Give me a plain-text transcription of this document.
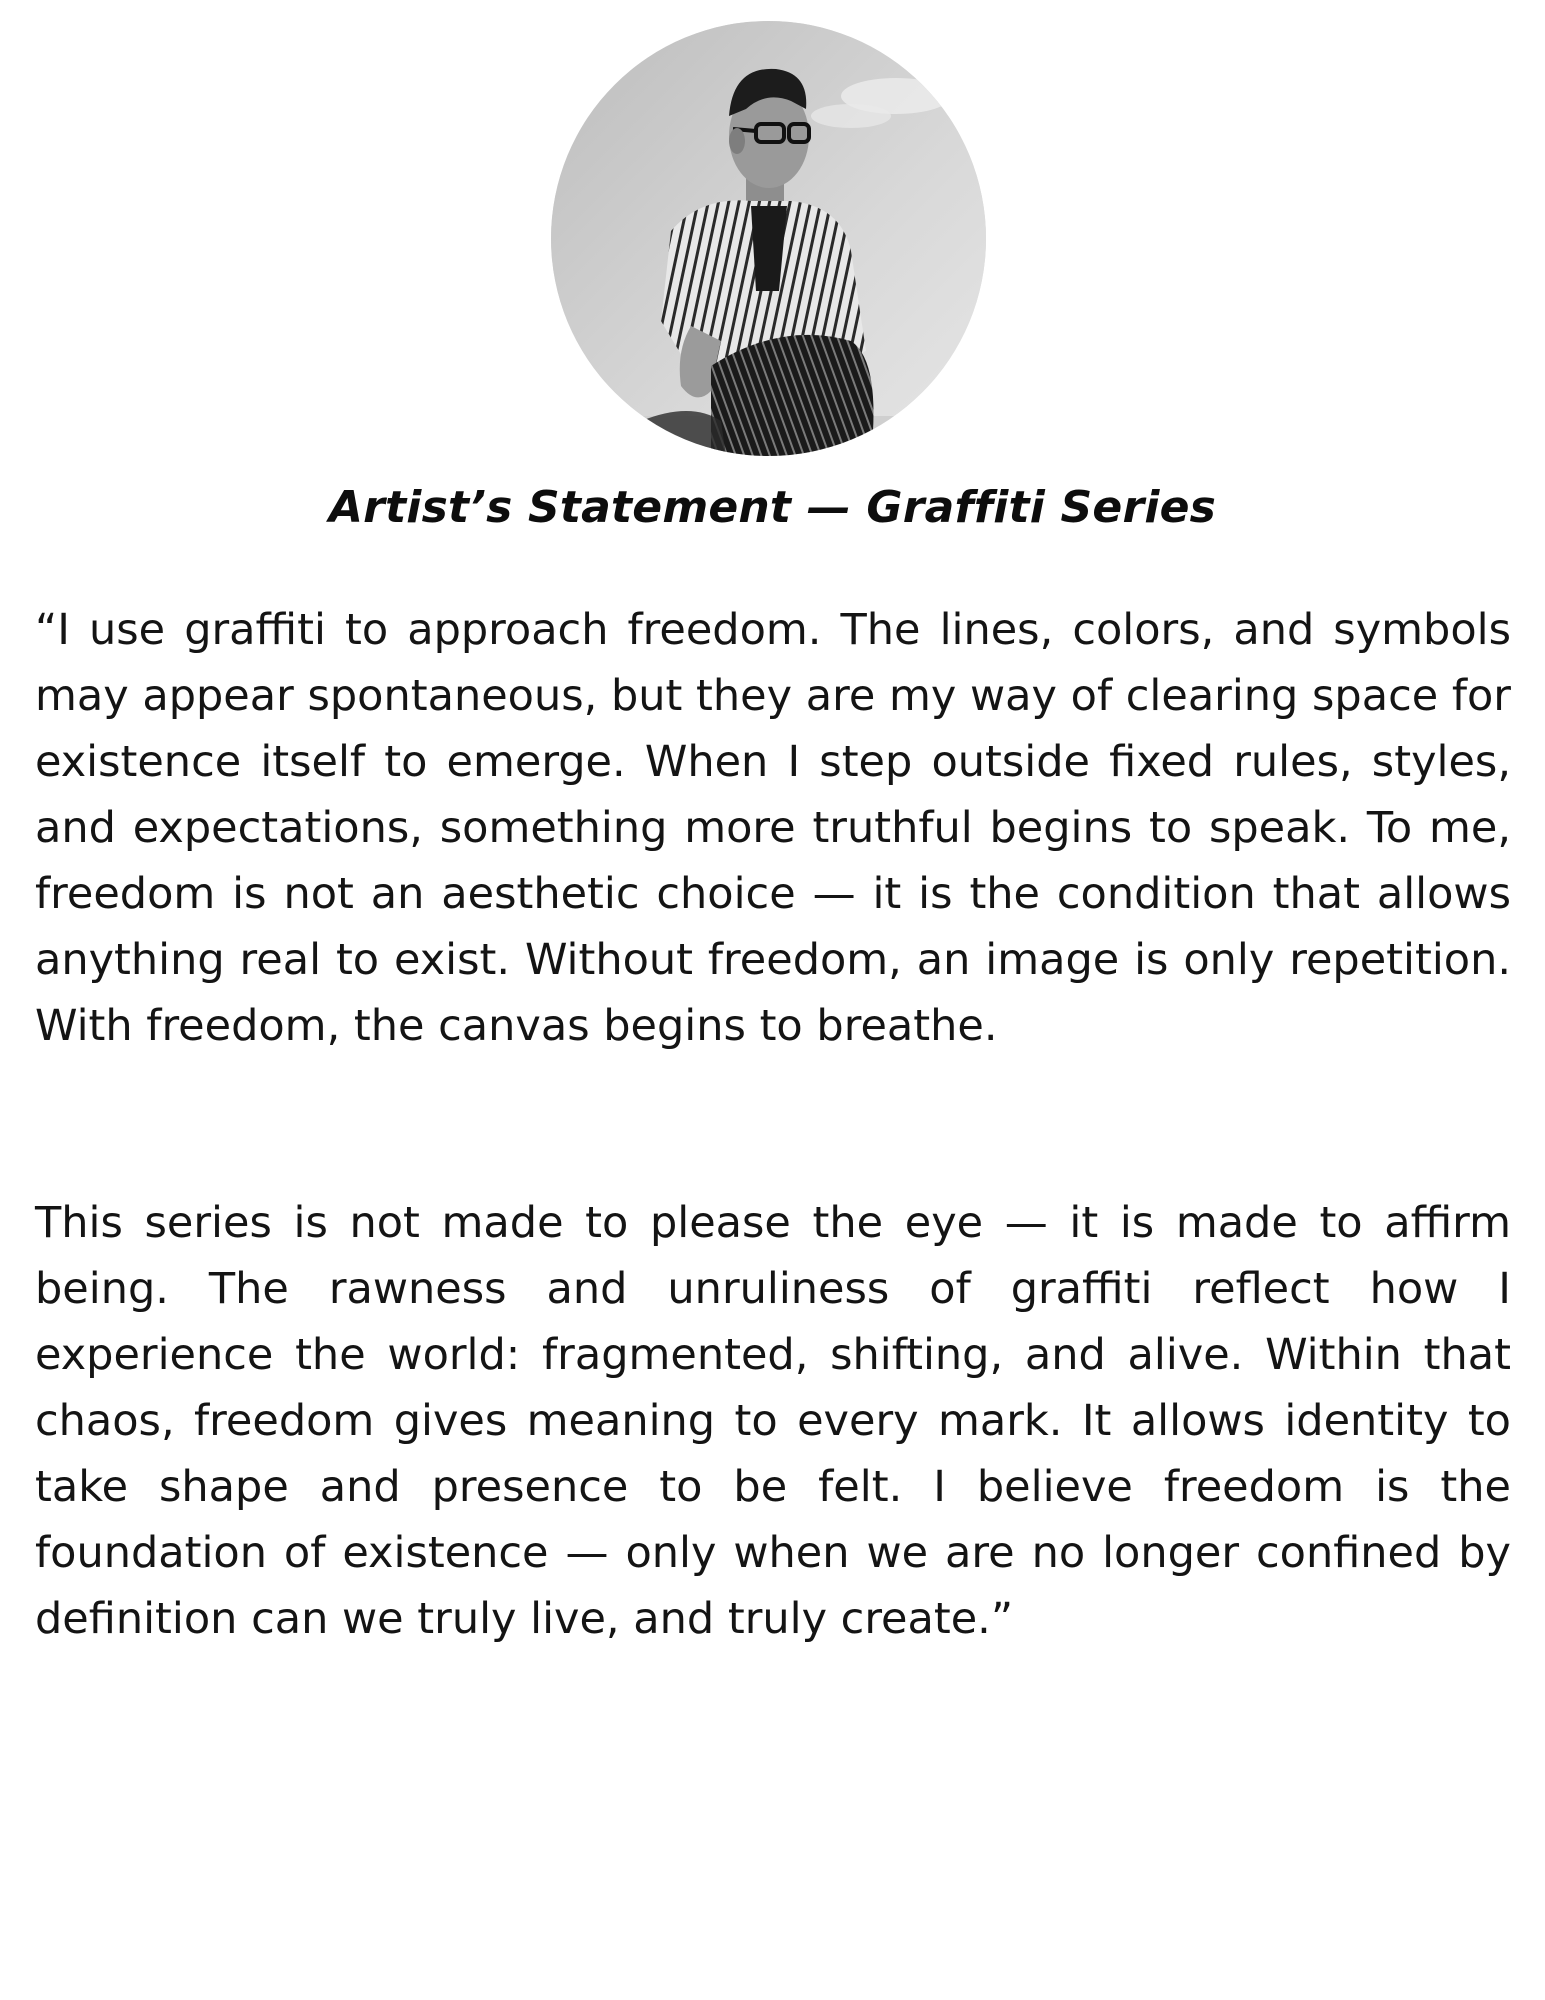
Artist’s Statement — Graffiti Series

“I use graffiti to approach freedom. The lines, colors, and symbols may appear spontaneous, but they are my way of clearing space for existence itself to emerge. When I step outside fixed rules, styles, and expectations, something more truthful begins to speak. To me, freedom is not an aesthetic choice — it is the condition that allows anything real to exist. Without freedom, an image is only repetition. With freedom, the canvas begins to breathe.

This series is not made to please the eye — it is made to affirm being. The rawness and unruliness of graffiti reflect how I experience the world: fragmented, shifting, and alive. Within that chaos, freedom gives meaning to every mark. It allows identity to take shape and presence to be felt. I believe freedom is the foundation of existence — only when we are no longer confined by definition can we truly live, and truly create.”
